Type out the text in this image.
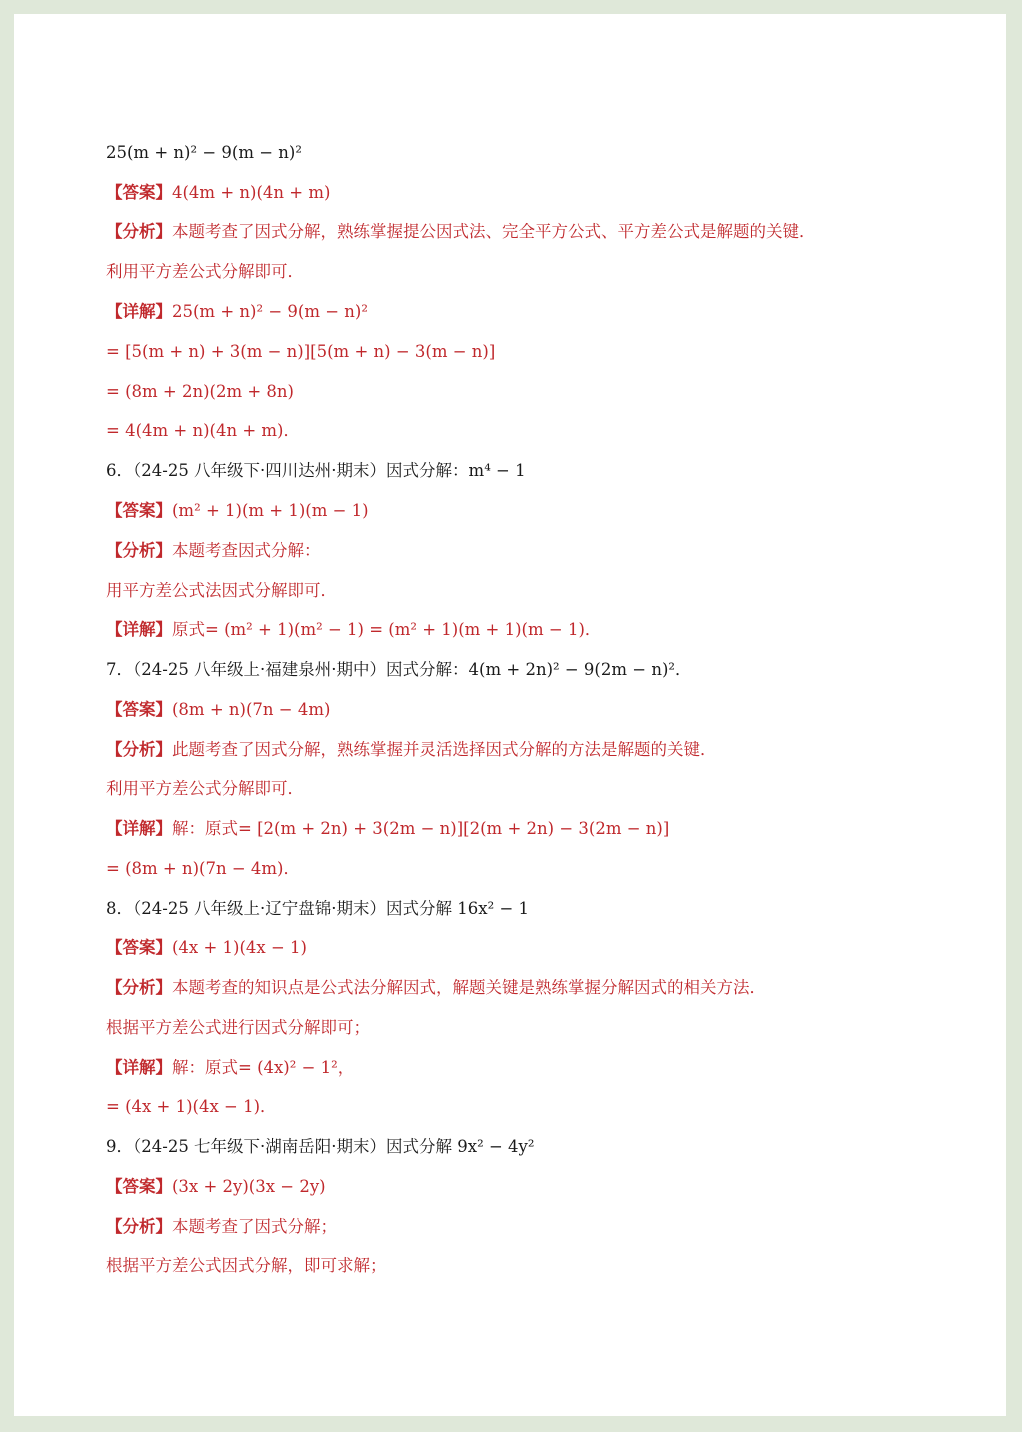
25(m + n)² − 9(m − n)²
【答案】4(4m + n)(4n + m)
【分析】本题考查了因式分解，熟练掌握提公因式法、完全平方公式、平方差公式是解题的关键．
利用平方差公式分解即可．
【详解】25(m + n)² − 9(m − n)²
= [5(m + n) + 3(m − n)][5(m + n) − 3(m − n)]
= (8m + 2n)(2m + 8n)
= 4(4m + n)(4n + m)．
6．（24-25 八年级下·四川达州·期末）因式分解：m⁴ − 1
【答案】(m² + 1)(m + 1)(m − 1)
【分析】本题考查因式分解：
用平方差公式法因式分解即可．
【详解】原式= (m² + 1)(m² − 1) = (m² + 1)(m + 1)(m − 1)．
7．（24-25 八年级上·福建泉州·期中）因式分解：4(m + 2n)² − 9(2m − n)²．
【答案】(8m + n)(7n − 4m)
【分析】此题考查了因式分解，熟练掌握并灵活选择因式分解的方法是解题的关键．
利用平方差公式分解即可．
【详解】解：原式= [2(m + 2n) + 3(2m − n)][2(m + 2n) − 3(2m − n)]
= (8m + n)(7n − 4m)．
8．（24-25 八年级上·辽宁盘锦·期末）因式分解 16x² − 1
【答案】(4x + 1)(4x − 1)
【分析】本题考查的知识点是公式法分解因式，解题关键是熟练掌握分解因式的相关方法．
根据平方差公式进行因式分解即可；
【详解】解：原式= (4x)² − 1²，
= (4x + 1)(4x − 1)．
9．（24-25 七年级下·湖南岳阳·期末）因式分解 9x² − 4y²
【答案】(3x + 2y)(3x − 2y)
【分析】本题考查了因式分解；
根据平方差公式因式分解，即可求解；
